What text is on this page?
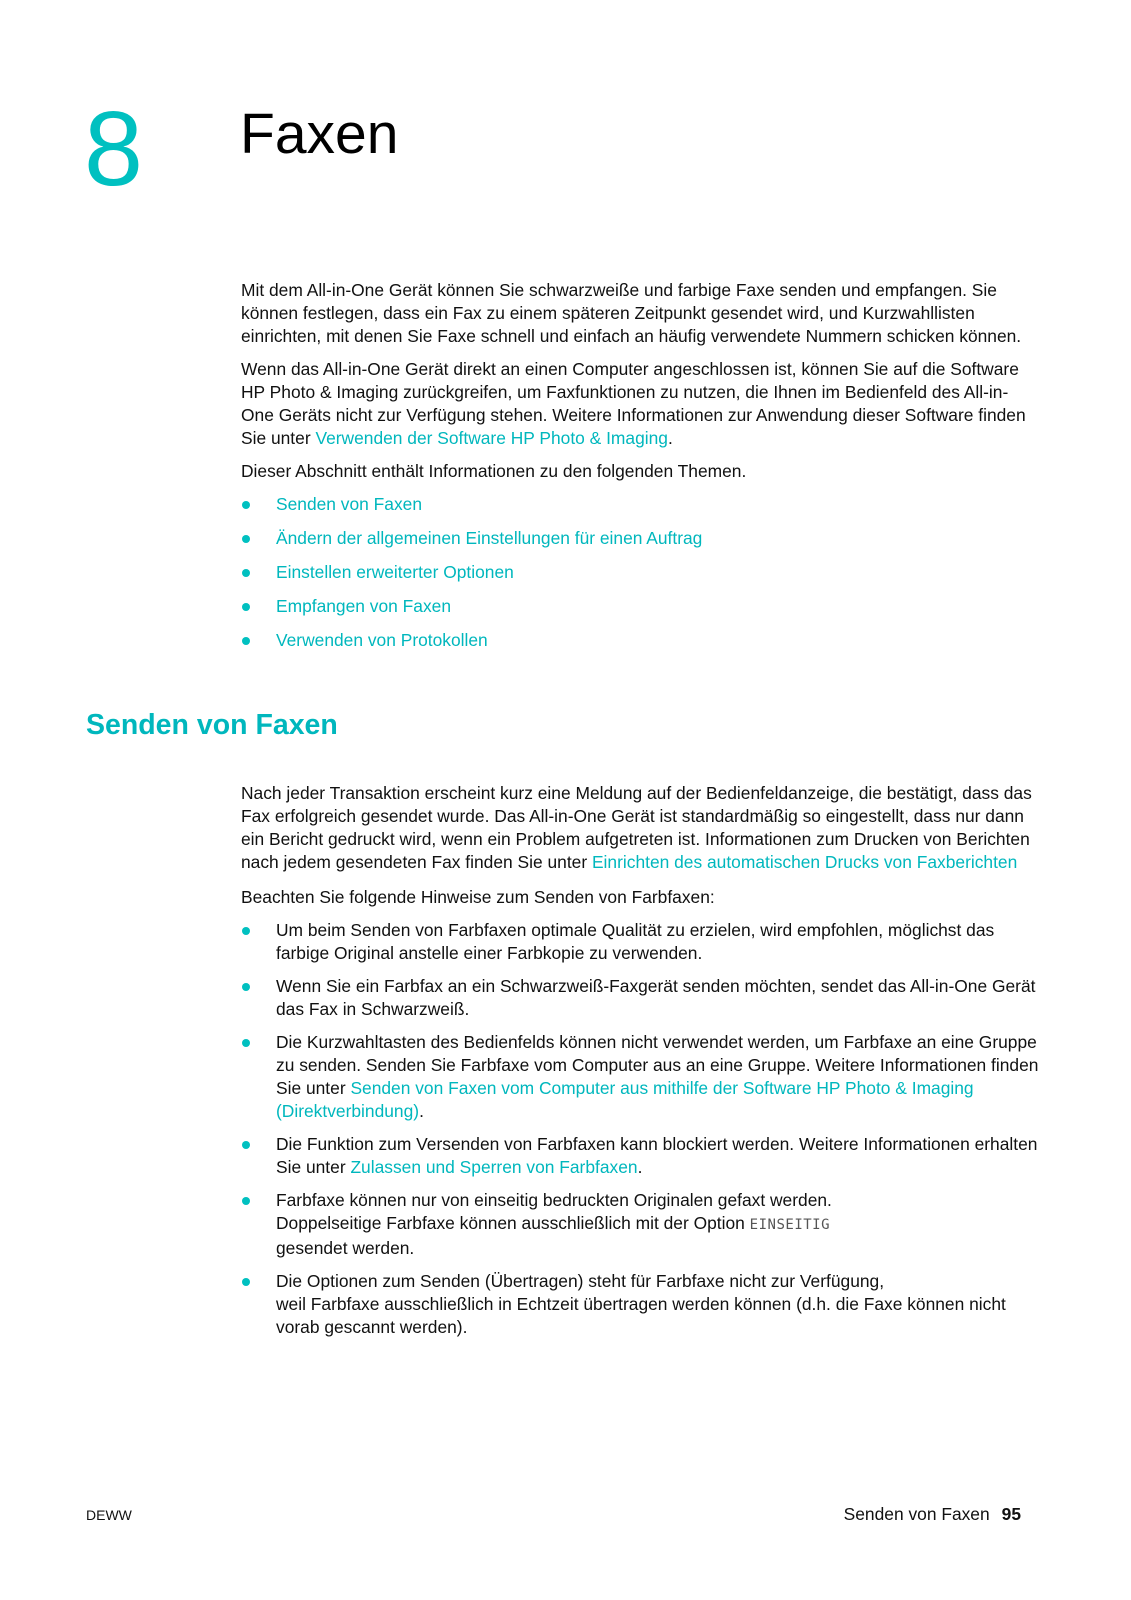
8 Faxen

Mit dem All-in-One Gerät können Sie schwarzweiße und farbige Faxe senden und empfangen. Sie können festlegen, dass ein Fax zu einem späteren Zeitpunkt gesendet wird, und Kurzwahllisten einrichten, mit denen Sie Faxe schnell und einfach an häufig verwendete Nummern schicken können.

Wenn das All-in-One Gerät direkt an einen Computer angeschlossen ist, können Sie auf die Software HP Photo & Imaging zurückgreifen, um Faxfunktionen zu nutzen, die Ihnen im Bedienfeld des All-in-One Geräts nicht zur Verfügung stehen. Weitere Informationen zur Anwendung dieser Software finden Sie unter Verwenden der Software HP Photo & Imaging.

Dieser Abschnitt enthält Informationen zu den folgenden Themen.

Senden von Faxen
Ändern der allgemeinen Einstellungen für einen Auftrag
Einstellen erweiterter Optionen
Empfangen von Faxen
Verwenden von Protokollen
Senden von Faxen

Nach jeder Transaktion erscheint kurz eine Meldung auf der Bedienfeldanzeige, die bestätigt, dass das Fax erfolgreich gesendet wurde. Das All-in-One Gerät ist standardmäßig so eingestellt, dass nur dann ein Bericht gedruckt wird, wenn ein Problem aufgetreten ist. Informationen zum Drucken von Berichten nach jedem gesendeten Fax finden Sie unter Einrichten des automatischen Drucks von Faxberichten

Beachten Sie folgende Hinweise zum Senden von Farbfaxen:

Um beim Senden von Farbfaxen optimale Qualität zu erzielen, wird empfohlen, möglichst das farbige Original anstelle einer Farbkopie zu verwenden.
Wenn Sie ein Farbfax an ein Schwarzweiß-Faxgerät senden möchten, sendet das All-in-One Gerät das Fax in Schwarzweiß.
Die Kurzwahltasten des Bedienfelds können nicht verwendet werden, um Farbfaxe an eine Gruppe zu senden. Senden Sie Farbfaxe vom Computer aus an eine Gruppe. Weitere Informationen finden Sie unter Senden von Faxen vom Computer aus mithilfe der Software HP Photo & Imaging (Direktverbindung).
Die Funktion zum Versenden von Farbfaxen kann blockiert werden. Weitere Informationen erhalten Sie unter Zulassen und Sperren von Farbfaxen.
Farbfaxe können nur von einseitig bedruckten Originalen gefaxt werden.
Doppelseitige Farbfaxe können ausschließlich mit der Option EINSEITIG
gesendet werden.
Die Optionen zum Senden (Übertragen) steht für Farbfaxe nicht zur Verfügung,
weil Farbfaxe ausschließlich in Echtzeit übertragen werden können (d.h. die Faxe können nicht vorab gescannt werden).
DEWW	Senden von Faxen 95
